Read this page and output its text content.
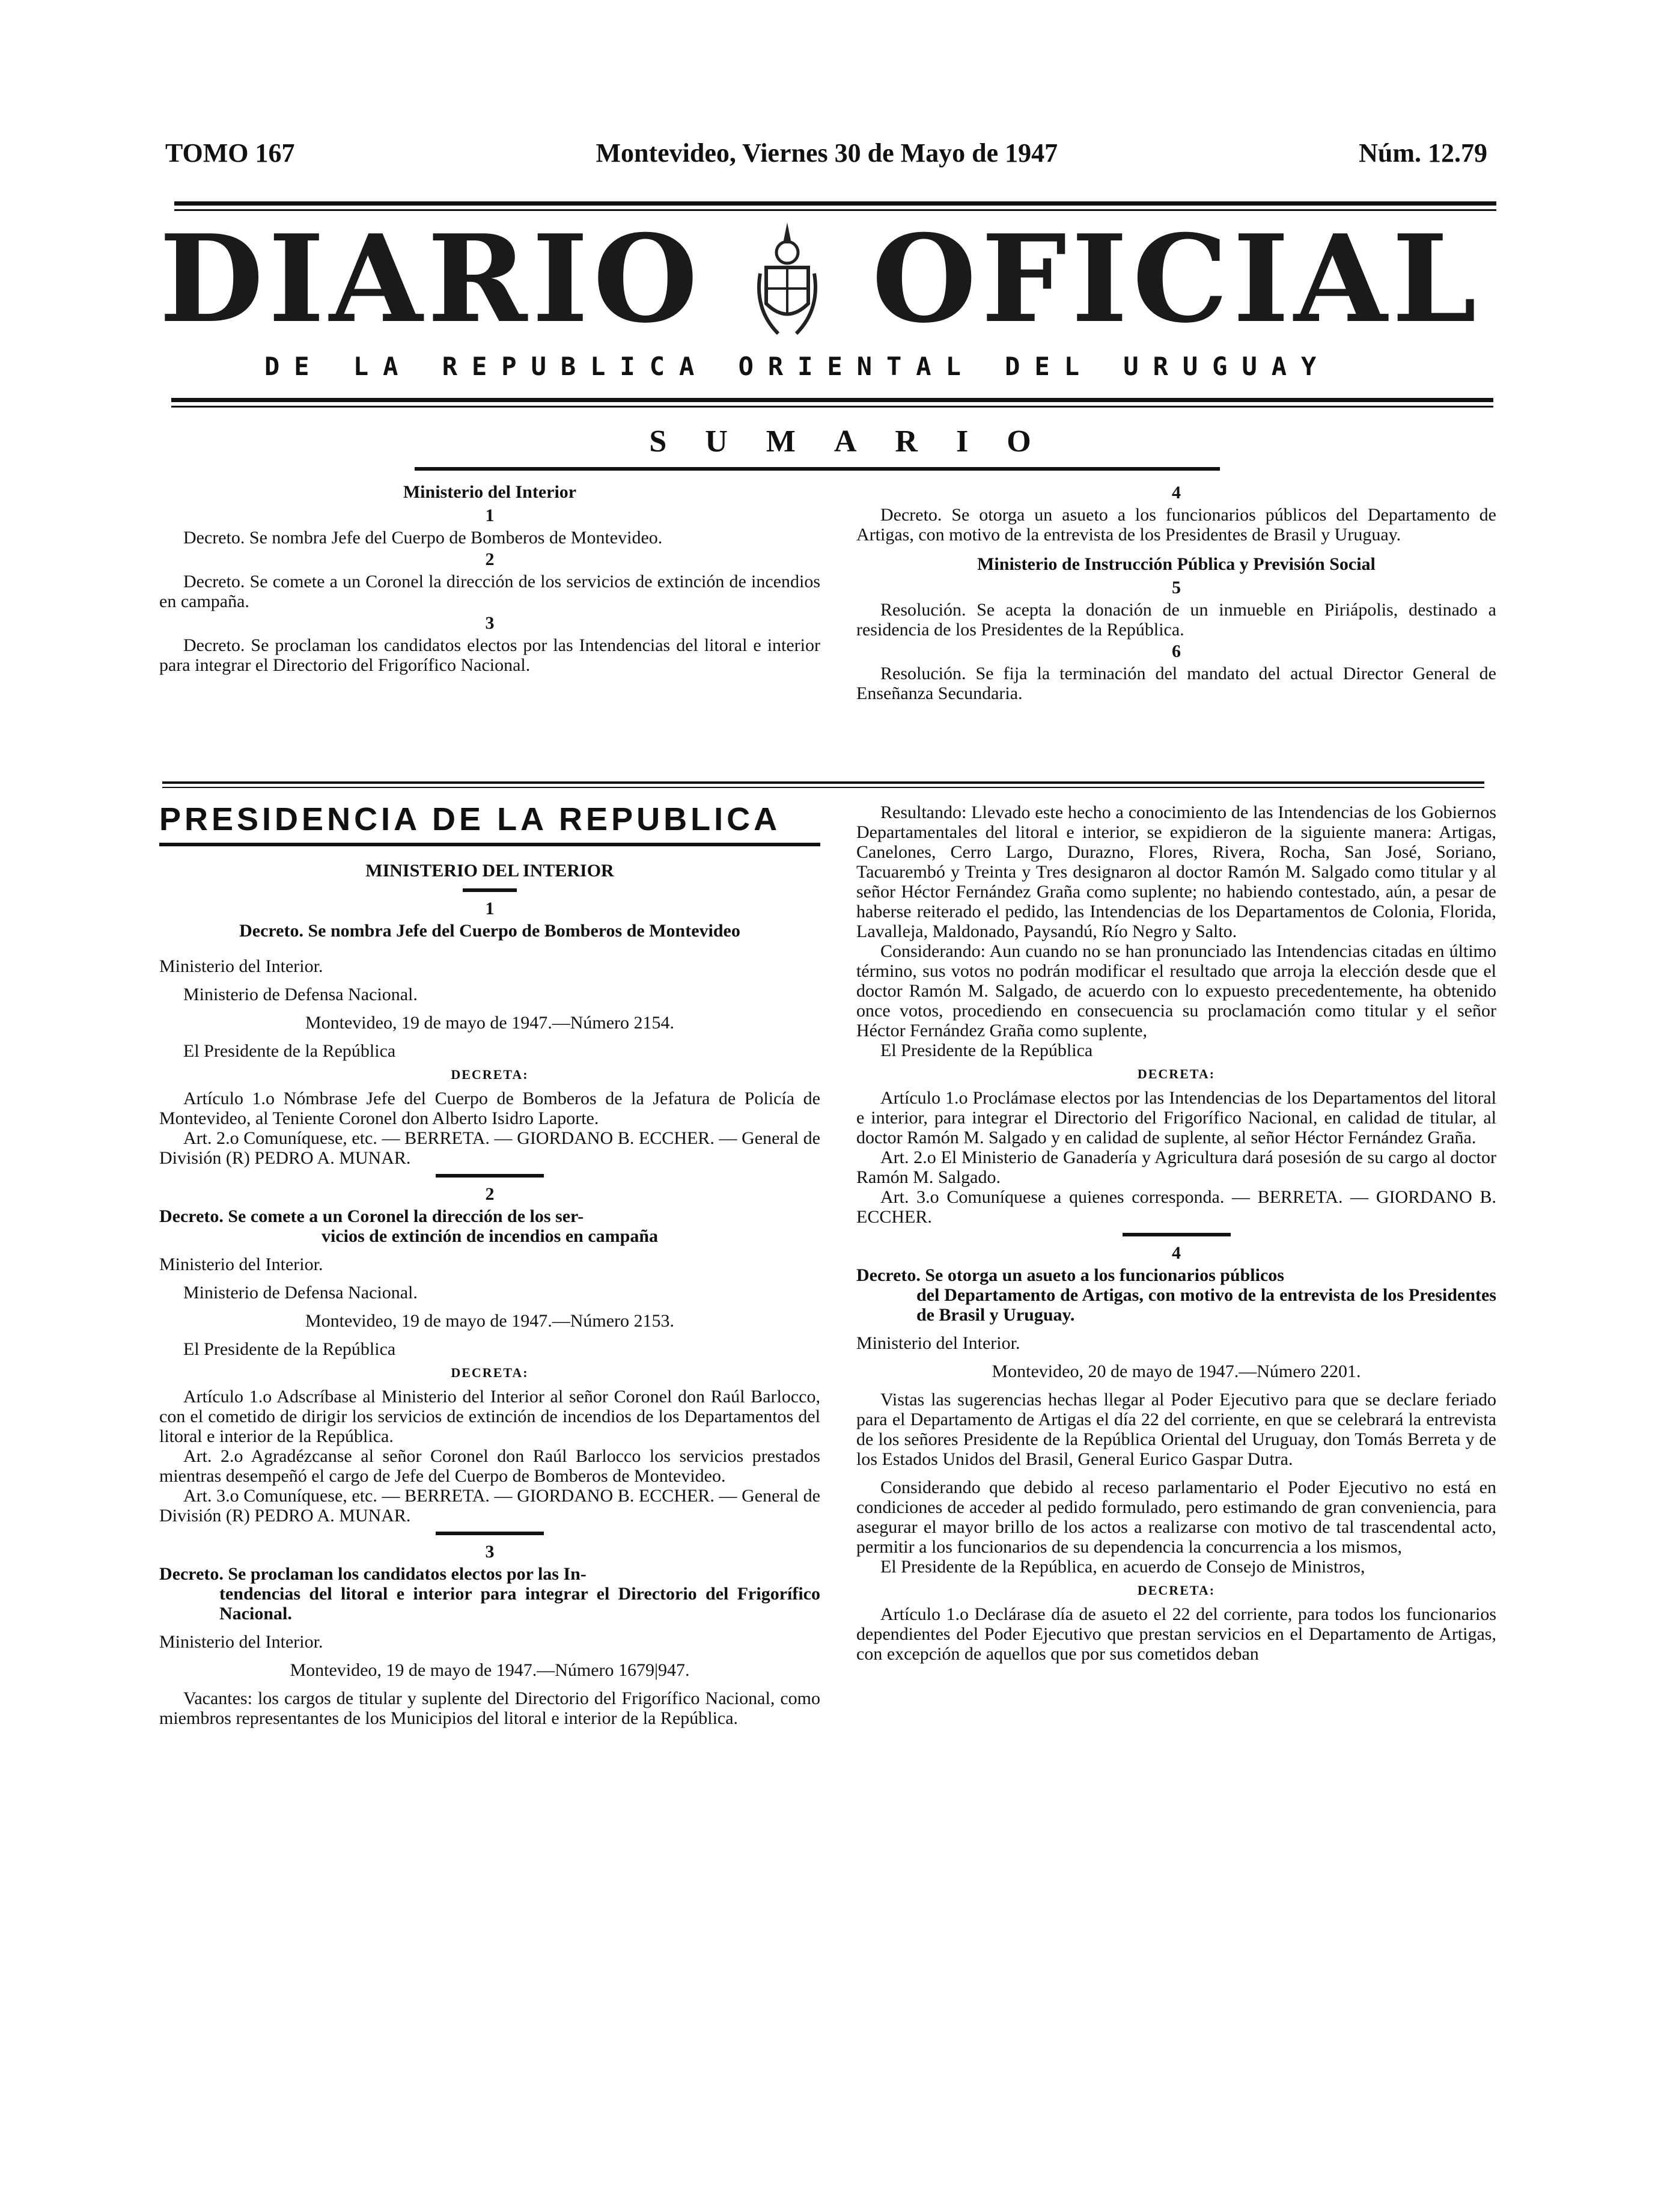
TOMO 167	Montevideo, Viernes 30 de Mayo de 1947	Núm. 12.79
DIARIO OFICIAL
DE LA REPUBLICA ORIENTAL DEL URUGUAY
SUMARIO
Ministerio del Interior
1

Decreto. Se nombra Jefe del Cuerpo de Bomberos de Montevideo.

2

Decreto. Se comete a un Coronel la dirección de los servicios de extinción de incendios en campaña.

3

Decreto. Se proclaman los candidatos electos por las Intendencias del litoral e interior para integrar el Directorio del Frigorífico Nacional.

4

Decreto. Se otorga un asueto a los funcionarios públicos del Departamento de Artigas, con motivo de la entrevista de los Presidentes de Brasil y Uruguay.

Ministerio de Instrucción Pública y Previsión Social
5

Resolución. Se acepta la donación de un inmueble en Piriápolis, destinado a residencia de los Presidentes de la República.

6

Resolución. Se fija la terminación del mandato del actual Director General de Enseñanza Secundaria.

PRESIDENCIA DE LA REPUBLICA
MINISTERIO DEL INTERIOR
1

Decreto. Se nombra Jefe del Cuerpo de Bomberos de Montevideo

Ministerio del Interior.

Ministerio de Defensa Nacional.

Montevideo, 19 de mayo de 1947.—Número 2154.

El Presidente de la República

DECRETA:

Artículo 1.o Nómbrase Jefe del Cuerpo de Bomberos de la Jefatura de Policía de Montevideo, al Teniente Coronel don Alberto Isidro Laporte.

Art. 2.o Comuníquese, etc. — BERRETA. — GIORDANO B. ECCHER. — General de División (R) PEDRO A. MUNAR.

2

Decreto. Se comete a un Coronel la dirección de los ser-

vicios de extinción de incendios en campaña

Ministerio del Interior.

Ministerio de Defensa Nacional.

Montevideo, 19 de mayo de 1947.—Número 2153.

El Presidente de la República

DECRETA:

Artículo 1.o Adscríbase al Ministerio del Interior al señor Coronel don Raúl Barlocco, con el cometido de dirigir los servicios de extinción de incendios de los Departamentos del litoral e interior de la República.

Art. 2.o Agradézcanse al señor Coronel don Raúl Barlocco los servicios prestados mientras desempeñó el cargo de Jefe del Cuerpo de Bomberos de Montevideo.

Art. 3.o Comuníquese, etc. — BERRETA. — GIORDANO B. ECCHER. — General de División (R) PEDRO A. MUNAR.

3

Decreto. Se proclaman los candidatos electos por las In-

tendencias del litoral e interior para integrar el Directorio del Frigorífico Nacional.

Ministerio del Interior.

Montevideo, 19 de mayo de 1947.—Número 1679|947.

Vacantes: los cargos de titular y suplente del Directorio del Frigorífico Nacional, como miembros representantes de los Municipios del litoral e interior de la República.

Resultando: Llevado este hecho a conocimiento de las Intendencias de los Gobiernos Departamentales del litoral e interior, se expidieron de la siguiente manera: Artigas, Canelones, Cerro Largo, Durazno, Flores, Rivera, Rocha, San José, Soriano, Tacuarembó y Treinta y Tres designaron al doctor Ramón M. Salgado como titular y al señor Héctor Fernández Graña como suplente; no habiendo contestado, aún, a pesar de haberse reiterado el pedido, las Intendencias de los Departamentos de Colonia, Florida, Lavalleja, Maldonado, Paysandú, Río Negro y Salto.

Considerando: Aun cuando no se han pronunciado las Intendencias citadas en último término, sus votos no podrán modificar el resultado que arroja la elección desde que el doctor Ramón M. Salgado, de acuerdo con lo expuesto precedentemente, ha obtenido once votos, procediendo en consecuencia su proclamación como titular y el señor Héctor Fernández Graña como suplente,

El Presidente de la República

DECRETA:

Artículo 1.o Proclámase electos por las Intendencias de los Departamentos del litoral e interior, para integrar el Directorio del Frigorífico Nacional, en calidad de titular, al doctor Ramón M. Salgado y en calidad de suplente, al señor Héctor Fernández Graña.

Art. 2.o El Ministerio de Ganadería y Agricultura dará posesión de su cargo al doctor Ramón M. Salgado.

Art. 3.o Comuníquese a quienes corresponda. — BERRETA. — GIORDANO B. ECCHER.

4

Decreto. Se otorga un asueto a los funcionarios públicos

del Departamento de Artigas, con motivo de la entrevista de los Presidentes de Brasil y Uruguay.

Ministerio del Interior.

Montevideo, 20 de mayo de 1947.—Número 2201.

Vistas las sugerencias hechas llegar al Poder Ejecutivo para que se declare feriado para el Departamento de Artigas el día 22 del corriente, en que se celebrará la entrevista de los señores Presidente de la República Oriental del Uruguay, don Tomás Berreta y de los Estados Unidos del Brasil, General Eurico Gaspar Dutra.

Considerando que debido al receso parlamentario el Poder Ejecutivo no está en condiciones de acceder al pedido formulado, pero estimando de gran conveniencia, para asegurar el mayor brillo de los actos a realizarse con motivo de tal trascendental acto, permitir a los funcionarios de su dependencia la concurrencia a los mismos,

El Presidente de la República, en acuerdo de Consejo de Ministros,

DECRETA:

Artículo 1.o Declárase día de asueto el 22 del corriente, para todos los funcionarios dependientes del Poder Ejecutivo que prestan servicios en el Departamento de Artigas, con excepción de aquellos que por sus cometidos deban
